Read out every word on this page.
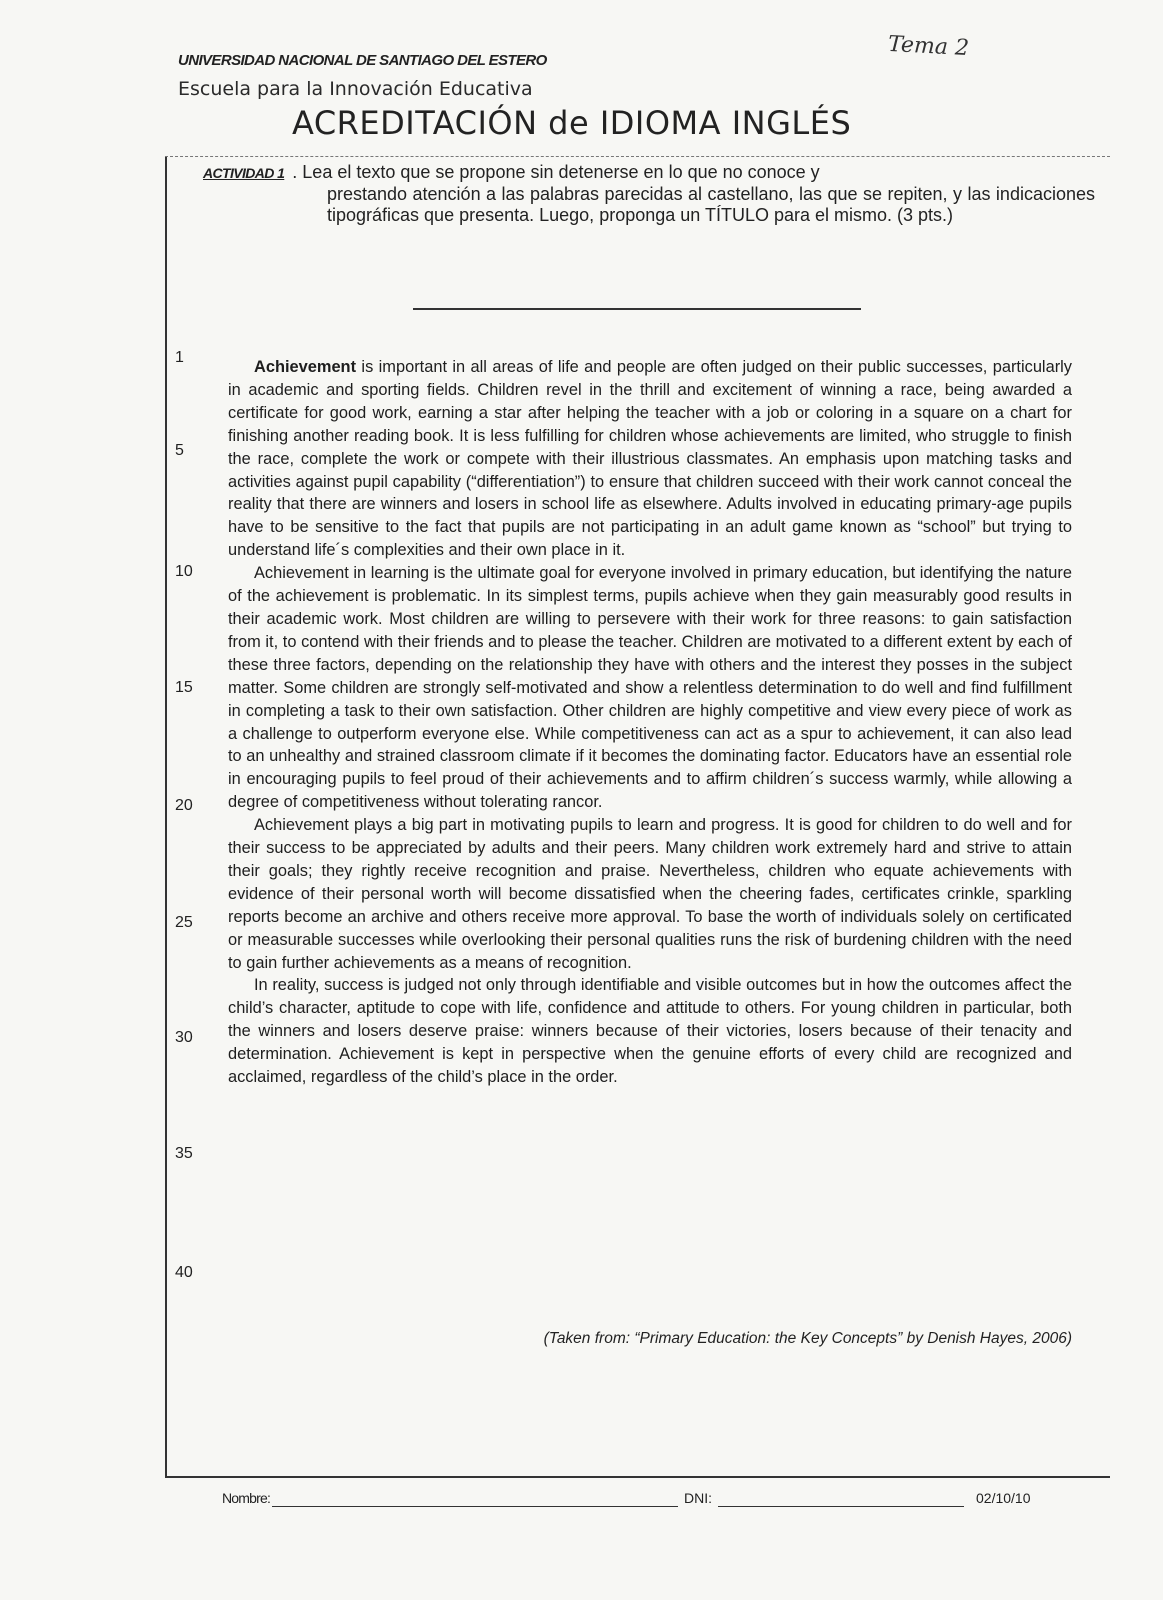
UNIVERSIDAD NACIONAL DE SANTIAGO DEL ESTERO
Escuela para la Innovación Educativa
ACREDITACIÓN de IDIOMA INGLÉS
Tema 2
ACTIVIDAD 1 . Lea el texto que se propone sin detenerse en lo que no conoce y
prestando atención a las palabras parecidas al castellano, las que se repiten, y las indicaciones tipográficas que presenta. Luego, proponga un TÍTULO para el mismo. (3 pts.)
1
5
10
15
20
25
30
35
40

Achievement is important in all areas of life and people are often judged on their public successes, particularly in academic and sporting fields. Children revel in the thrill and excitement of winning a race, being awarded a certificate for good work, earning a star after helping the teacher with a job or coloring in a square on a chart for finishing another reading book. It is less fulfilling for children whose achievements are limited, who struggle to finish the race, complete the work or compete with their illustrious classmates. An emphasis upon matching tasks and activities against pupil capability (“differentiation”) to ensure that children succeed with their work cannot conceal the reality that there are winners and losers in school life as elsewhere. Adults involved in educating primary-age pupils have to be sensitive to the fact that pupils are not participating in an adult game known as “school” but trying to understand life´s complexities and their own place in it.

Achievement in learning is the ultimate goal for everyone involved in primary education, but identifying the nature of the achievement is problematic. In its simplest terms, pupils achieve when they gain measurably good results in their academic work. Most children are willing to persevere with their work for three reasons: to gain satisfaction from it, to contend with their friends and to please the teacher. Children are motivated to a different extent by each of these three factors, depending on the relationship they have with others and the interest they posses in the subject matter. Some children are strongly self-motivated and show a relentless determination to do well and find fulfillment in completing a task to their own satisfaction. Other children are highly competitive and view every piece of work as a challenge to outperform everyone else. While competitiveness can act as a spur to achievement, it can also lead to an unhealthy and strained classroom climate if it becomes the dominating factor. Educators have an essential role in encouraging pupils to feel proud of their achievements and to affirm children´s success warmly, while allowing a degree of competitiveness without tolerating rancor.

Achievement plays a big part in motivating pupils to learn and progress. It is good for children to do well and for their success to be appreciated by adults and their peers. Many children work extremely hard and strive to attain their goals; they rightly receive recognition and praise. Nevertheless, children who equate achievements with evidence of their personal worth will become dissatisfied when the cheering fades, certificates crinkle, sparkling reports become an archive and others receive more approval. To base the worth of individuals solely on certificated or measurable successes while overlooking their personal qualities runs the risk of burdening children with the need to gain further achievements as a means of recognition.

In reality, success is judged not only through identifiable and visible outcomes but in how the outcomes affect the child’s character, aptitude to cope with life, confidence and attitude to others. For young children in particular, both the winners and losers deserve praise: winners because of their victories, losers because of their tenacity and determination. Achievement is kept in perspective when the genuine efforts of every child are recognized and acclaimed, regardless of the child’s place in the order.

(Taken from: “Primary Education: the Key Concepts” by Denish Hayes, 2006)
Nombre:	DNI:	02/10/10
